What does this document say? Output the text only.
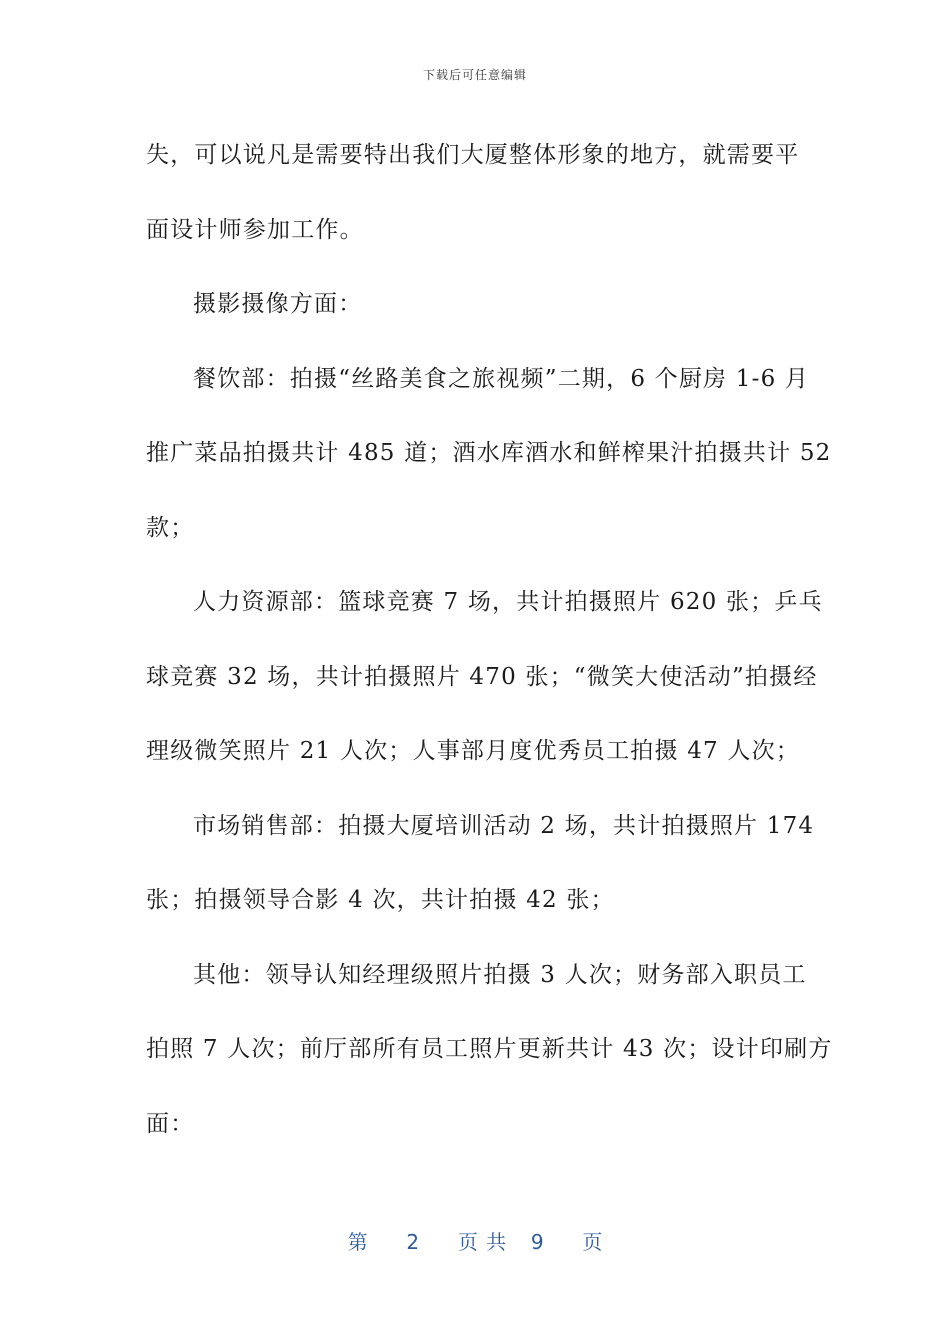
下载后可任意编辑
失，可以说凡是需要特出我们大厦整体形象的地方，就需要平
面设计师参加工作。
摄影摄像方面：
餐饮部：拍摄“丝路美食之旅视频”二期，6 个厨房 1-6 月
推广菜品拍摄共计 485 道；酒水库酒水和鲜榨果汁拍摄共计 52
款；
人力资源部：篮球竞赛 7 场，共计拍摄照片 620 张；乒乓
球竞赛 32 场，共计拍摄照片 470 张；“微笑大使活动”拍摄经
理级微笑照片 21 人次；人事部月度优秀员工拍摄 47 人次；
市场销售部：拍摄大厦培训活动 2 场，共计拍摄照片 174
张；拍摄领导合影 4 次，共计拍摄 42 张；
其他：领导认知经理级照片拍摄 3 人次；财务部入职员工
拍照 7 人次；前厅部所有员工照片更新共计 43 次；设计印刷方
面：
第 2 页 共 9 页
